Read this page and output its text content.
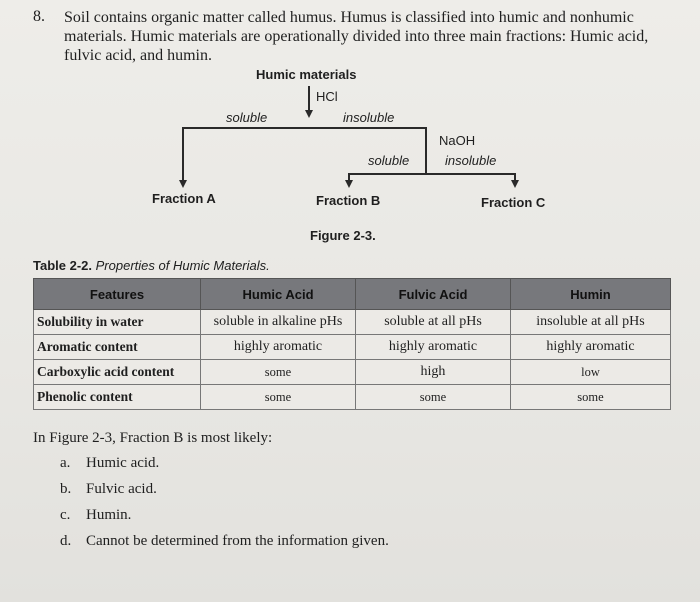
8. Soil contains organic matter called humus. Humus is classified into humic and nonhumic materials. Humic materials are operationally divided into three main fractions: Humic acid, fulvic acid, and humin.
Humic materials
HCl
soluble	insoluble
NaOH
soluble	insoluble
Fraction A	Fraction B	Fraction C
Figure 2-3.
Table 2-2. Properties of Humic Materials.
Features	Humic Acid	Fulvic Acid	Humin
Solubility in water	soluble in alkaline pHs	soluble at all pHs	insoluble at all pHs
Aromatic content	highly aromatic	highly aromatic	highly aromatic
Carboxylic acid content	some	high	low
Phenolic content	some	some	some
In Figure 2-3, Fraction B is most likely:
a. Humic acid.
b. Fulvic acid.
c. Humin.
d. Cannot be determined from the information given.
